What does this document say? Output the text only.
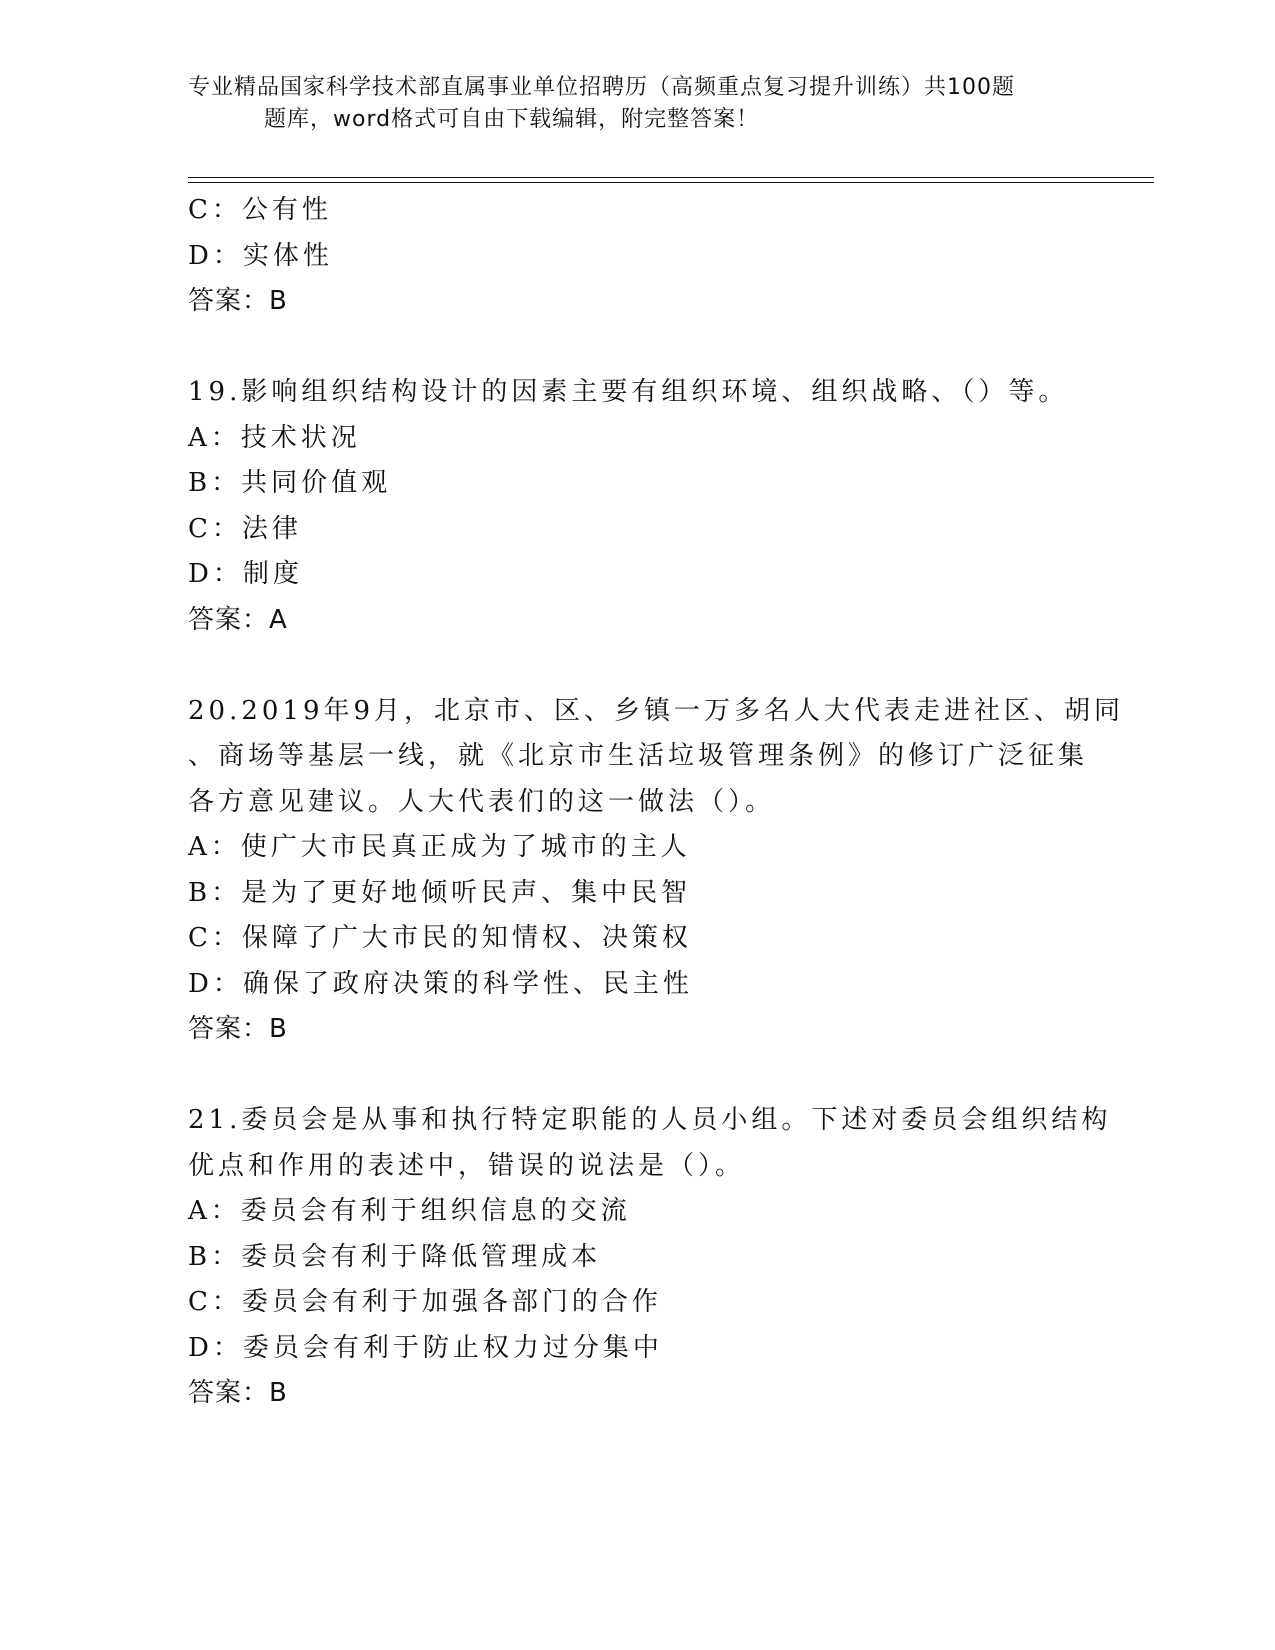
专业精品国家科学技术部直属事业单位招聘历（高频重点复习提升训练）共100题
题库，word格式可自由下载编辑，附完整答案！
C：公有性
D：实体性
答案：B
19.影响组织结构设计的因素主要有组织环境、组织战略、（）等。
A：技术状况
B：共同价值观
C：法律
D：制度
答案：A
20.2019年9月，北京市、区、乡镇一万多名人大代表走进社区、胡同
、商场等基层一线，就《北京市生活垃圾管理条例》的修订广泛征集
各方意见建议。人大代表们的这一做法（）。
A：使广大市民真正成为了城市的主人
B：是为了更好地倾听民声、集中民智
C：保障了广大市民的知情权、决策权
D：确保了政府决策的科学性、民主性
答案：B
21.委员会是从事和执行特定职能的人员小组。下述对委员会组织结构
优点和作用的表述中，错误的说法是（）。
A：委员会有利于组织信息的交流
B：委员会有利于降低管理成本
C：委员会有利于加强各部门的合作
D：委员会有利于防止权力过分集中
答案：B
